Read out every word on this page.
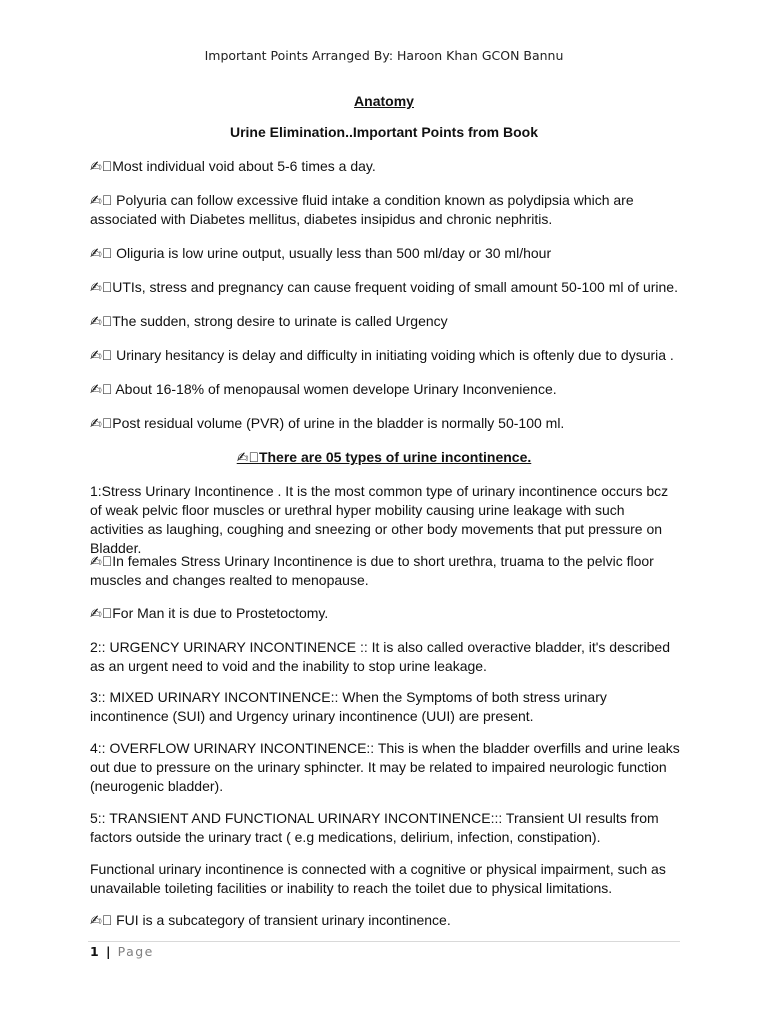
Important Points Arranged By: Haroon Khan GCON Bannu
Anatomy
Urine Elimination..Important Points from Book
✍ Most individual void about 5-6 times a day.
✍  Polyuria can follow excessive fluid intake a condition known as polydipsia which are associated with Diabetes mellitus, diabetes insipidus and chronic nephritis.
✍  Oliguria is low urine output, usually less than 500 ml/day or 30 ml/hour
✍ UTIs, stress and pregnancy can cause frequent voiding of small amount 50-100 ml of urine.
✍ The sudden, strong desire to urinate is called Urgency
✍  Urinary hesitancy is delay and difficulty in initiating voiding which is oftenly due to dysuria .
✍  About 16-18% of menopausal women develope Urinary Inconvenience.
✍ Post residual volume (PVR) of urine in the bladder is normally 50-100 ml.
✍ There are 05 types of urine incontinence.
1:Stress Urinary Incontinence . It is the most common type of urinary incontinence occurs bcz of weak pelvic floor muscles or urethral hyper mobility causing urine leakage with such activities as laughing, coughing and sneezing or other body movements that put pressure on Bladder.
✍ In females Stress Urinary Incontinence is due to short urethra, truama to the pelvic floor muscles and changes realted to menopause.
✍ For Man it is due to Prostetoctomy.
2:: URGENCY URINARY INCONTINENCE :: It is also called overactive bladder, it's described as an urgent need to void and the inability to stop urine leakage.
3:: MIXED URINARY INCONTINENCE:: When the Symptoms of both stress urinary incontinence (SUI) and Urgency urinary incontinence (UUI) are present.
4:: OVERFLOW URINARY INCONTINENCE:: This is when the bladder overfills and urine leaks out due to pressure on the urinary sphincter. It may be related to impaired neurologic function (neurogenic bladder).
5:: TRANSIENT AND FUNCTIONAL URINARY INCONTINENCE::: Transient UI results from factors outside the urinary tract ( e.g medications, delirium, infection, constipation).
Functional urinary incontinence is connected with a cognitive or physical impairment, such as unavailable toileting facilities or inability to reach the toilet due to physical limitations.
✍  FUI is a subcategory of transient urinary incontinence.
1 | Page
